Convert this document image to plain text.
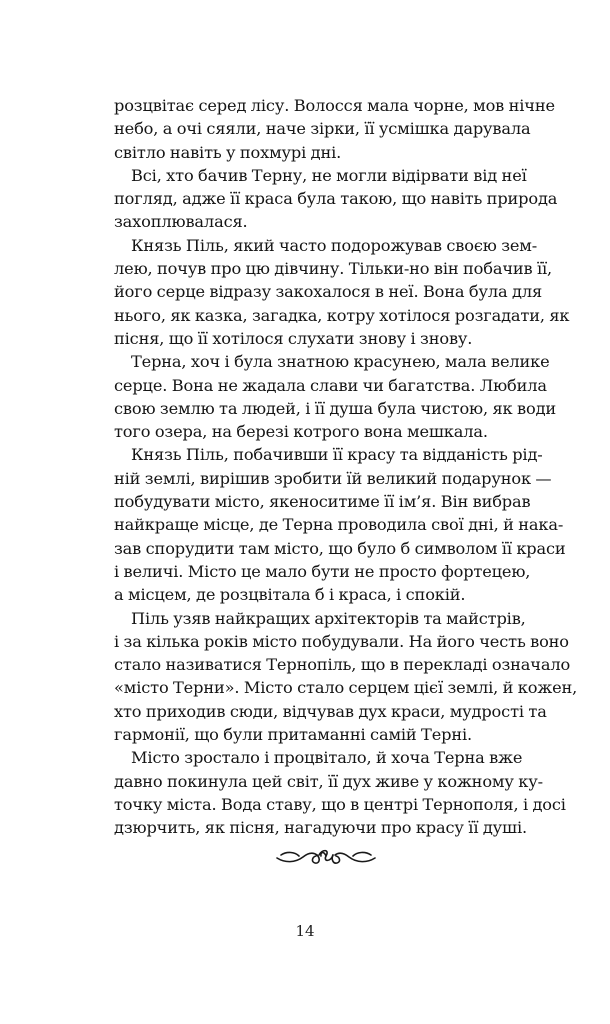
розцвітає серед лісу. Волосся мала чорне, мов нічне
небо, а очі сяяли, наче зірки, її усмішка дарувала
світло навіть у похмурі дні.
Всі, хто бачив Терну, не могли відірвати від неї
погляд, адже її краса була такою, що навіть природа
захоплювалася.
Князь Піль, який часто подорожував своєю зем-
лею, почув про цю дівчину. Тільки-но він побачив її,
його серце відразу закохалося в неї. Вона була для
нього, як казка, загадка, котру хотілося розгадати, як
пісня, що її хотілося слухати знову і знову.
Терна, хоч і була знатною красунею, мала велике
серце. Вона не жадала слави чи багатства. Любила
свою землю та людей, і її душа була чистою, як води
того озера, на березі котрого вона мешкала.
Князь Піль, побачивши її красу та відданість рід-
ній землі, вирішив зробити їй великий подарунок —
побудувати місто, якеноситиме її ім’я. Він вибрав
найкраще місце, де Терна проводила свої дні, й нака-
зав спорудити там місто, що було б символом її краси
і величі. Місто це мало бути не просто фортецею,
а місцем, де розцвітала б і краса, і спокій.
Піль узяв найкращих архітекторів та майстрів,
і за кілька років місто побудували. На його честь воно
стало називатися Тернопіль, що в перекладі означало
«місто Терни». Місто стало серцем цієї землі, й кожен,
хто приходив сюди, відчував дух краси, мудрості та
гармонії, що були притаманні самій Терні.
Місто зростало і процвітало, й хоча Терна вже
давно покинула цей світ, її дух живе у кожному ку-
точку міста. Вода ставу, що в центрі Тернополя, і досі
дзюрчить, як пісня, нагадуючи про красу її душі.
14
